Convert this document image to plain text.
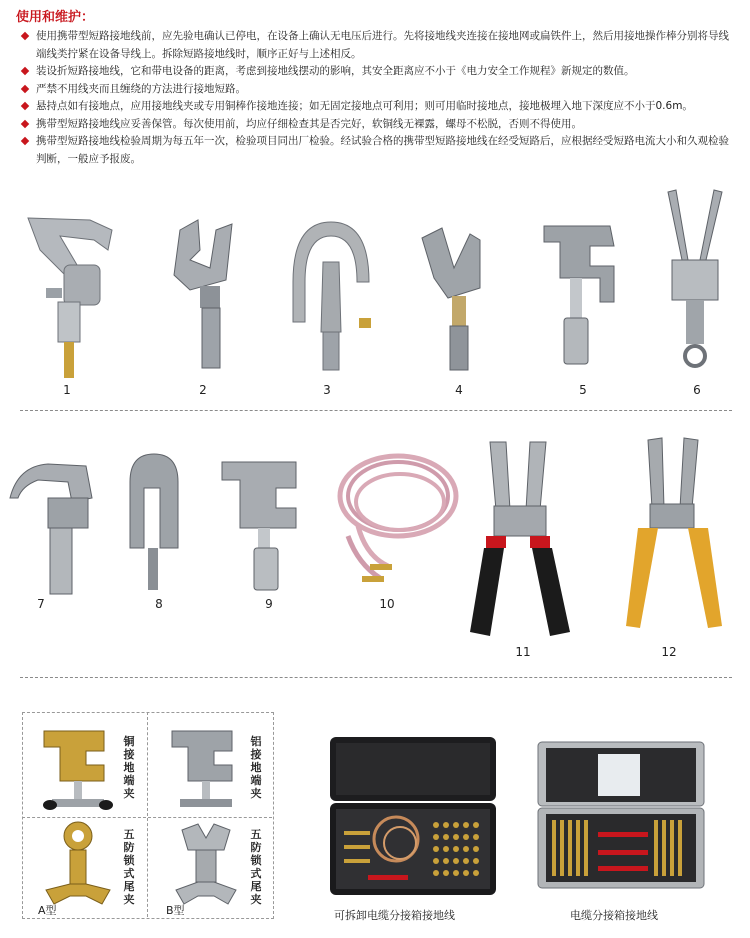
使用和维护：
使用携带型短路接地线前，应先验电确认已停电，在设备上确认无电压后进行。先将接地线夹连接在接地网或扁铁件上，然后用接地操作棒分别将导线端线类拧紧在设备导线上。拆除短路接地线时，顺序正好与上述相反。
装设折短路接地线，它和带电设备的距离，考虑到接地线摆动的影响，其安全距离应不小于《电力安全工作规程》新规定的数值。
严禁不用线夹而且缠绕的方法进行接地短路。
悬持点如有接地点，应用接地线夹或专用铜棒作接地连接；如无固定接地点可利用；则可用临时接地点，接地极埋入地下深度应不小于0.6m。
携带型短路接地线应妥善保管。每次使用前，均应仔细检查其是否完好，软铜线无裸露，螺母不松脱，否则不得使用。
携带型短路接地线检验周期为每五年一次，检验项目同出厂检验。经试验合格的携带型短路接地线在经受短路后，应根据经受短路电流大小和久观检验判断，一般应予报废。
1	2	3	4	5	6
7	8	9	10
11	12
铜接地端夹
铝接地端夹
五防锁式尾夹
A型
五防锁式尾夹
B型	可拆卸电缆分接箱接地线	电缆分接箱接地线
